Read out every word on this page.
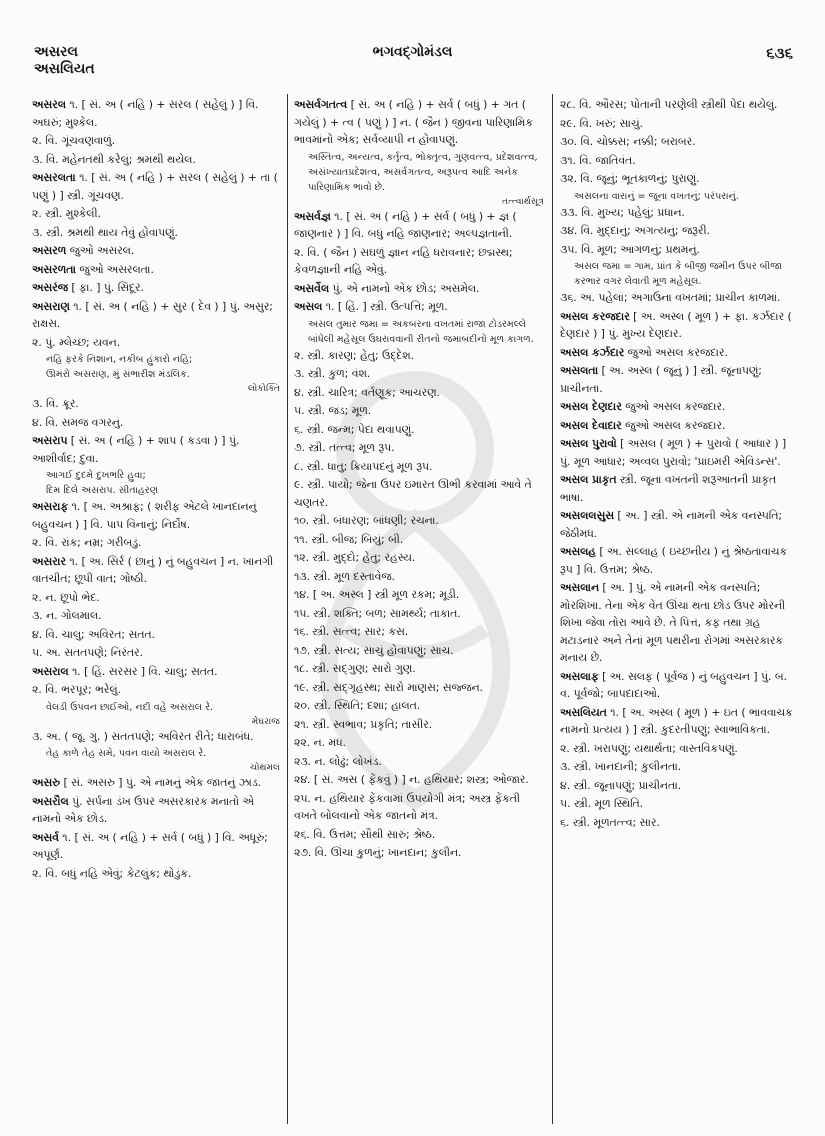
અસરલ
અસલિયત
ભગવદ્ગોમંડલ	૬૩૬
અસરલ ૧. [ સં. અ ( નહિ ) + સરલ ( સહેલું ) ] વિ. અઘરું; મુશ્કેલ.
૨. વિ. ગૂંચવણવાળું.
૩. વિ. મહેનતથી કરેલું; શ્રમથી થયેલ.
અસરલતા ૧. [ સં. અ ( નહિ ) + સરલ ( સહેલું ) + તા ( પણું ) ] સ્ત્રી. ગૂંચવણ.
૨. સ્ત્રી. મુશ્કેલી.
૩. સ્ત્રી. શ્રમથી થાય તેવું હોવાપણું.
અસરળ જુઓ અસરલ.
અસરળતા જુઓ અસરલતા.
અસરંજ [ ફા. ] પું. સિંદૂર.
અસરાણ ૧. [ સં. અ ( નહિ ) + સુર ( દેવ ) ] પું. અસુર; રાક્ષસ.
૨. પું. મ્લેચ્છ; યવન.
નહિ ફરકે નિશાન, નકીબ હુંકારો નહિ;
ઊમરો અસરાણ, મું સંભારીશ મંડલિક.
લોકોક્તિ
૩. વિ. ક્રૂર.
૪. વિ. સમજ વગરનું.
અસરાપ [ સં. અ ( નહિ ) + શાપ ( કડવા ) ] પું. આશીર્વાદ; દુવા.
આગઈ દુદમે દુખભરિ હુવા;
દિમ દિલે અસરાપ. સીતાહરણ
અસરાફ ૧. [ અ. અશ્રાફ; ( શરીફ એટલે ખાનદાનનું બહુવચન ) ] વિ. પાપ વિનાનું; નિર્દોષ.
૨. વિ. રાંક; નમ્ર; ગરીબડું.
અસરાર ૧. [ અ. સિર્ર ( છાનું ) નું બહુવચન ] ન. ખાનગી વાતચીત; છૂપી વાત; ગોષ્ઠી.
૨. ન. છૂપો ભેદ.
૩. ન. ગોલમાલ.
૪. વિ. ચાલુ; અવિરત; સતત.
૫. અ. સતતપણે; નિરંતર.
અસરાલ ૧. [ હિં. સરસર ] વિ. ચાલુ; સતત.
૨. વિ. ભરપૂર; ભરેલું.
વેલડી ઉપવન છાઈઓ, નદી વહે અસરાલ રે.
મેઘરાજ
૩. અ. ( જૂ. ગુ. ) સતતપણે; અવિરત રીતે; ધારાબંધ.
તેહ કાળે તેહ સમે, પવન વાયો અસરાલ રે.
ચોથમલ
અસરુ [ સં. અસરુ ] પું. એ નામનું એક જાતનું ઝાડ.
અસરૌલ પું. સર્પના ડંખ ઉપર અસરકારક મનાતો એ નામનો એક છોડ.
અસર્વ ૧. [ સં. અ ( નહિ ) + સર્વ ( બધું ) ] વિ. અધૂરું; અપૂર્ણ.
૨. વિ. બધું નહિ એવું; કેટલુંક; થોડુંક.
અસર્વગતત્વ [ સં. અ ( નહિ ) + સર્વ ( બધું ) + ગત ( ગયેલું ) + ત્વ ( પણું ) ] ન. ( જૈન ) જીવના પારિણામિક ભાવમાંનો એક; સર્વવ્યાપી ન હોવાપણું.
અસ્તિત્વ, અન્યત્વ, કર્તૃત્વ, ભોક્તૃત્વ, ગુણવત્ત્વ, પ્રદેશવત્ત્વ, અસંખ્યાતપ્રદેશત્વ, અસર્વગતત્વ, અરૂપત્વ આદિ અનેક પારિણામિક ભાવો છે.
તત્ત્વાર્થસૂત્ર
અસર્વજ્ઞ ૧. [ સં. અ ( નહિ ) + સર્વ ( બધું ) + જ્ઞ ( જાણનાર ) ] વિ. બધું નહિ જાણનાર; અલ્પજ્ઞતાની.
૨. વિ. ( જૈન ) સઘળું જ્ઞાન નહિ ધરાવનાર; છદ્મસ્થ; કેવળજ્ઞાની નહિ એવું.
અસર્વેલ પું. એ નામનો એક છોડ; અસમેલ.
અસલ ૧. [ હિં. ] સ્ત્રી. ઉત્પત્તિ; મૂળ.
અસલ તુમાર જમા = અકબરના વખતમાં રાજા ટોડરમલ્લે બાંધેલી મહેસૂલ ઉઘરાવવાની રીતનો જમાબંદીનો મૂળ કાગળ.
૨. સ્ત્રી. કારણ; હેતુ; ઉદ્દેશ.
૩. સ્ત્રી. કુળ; વંશ.
૪. સ્ત્રી. ચારિત્ર; વર્તણૂક; આચરણ.
૫. સ્ત્રી. જડ; મૂળ.
૬. સ્ત્રી. જન્મ; પેદા થવાપણું.
૭. સ્ત્રી. તત્ત્વ; મૂળ રૂપ.
૮. સ્ત્રી. ધાતુ; ક્રિયાપદનું મૂળ રૂપ.
૯. સ્ત્રી. પાયો; જેના ઉપર ઇમારત ઊભી કરવામાં આવે તે ચણતર.
૧૦. સ્ત્રી. બંધારણ; બાંધણી; રચના.
૧૧. સ્ત્રી. બીજ; બિયું; બી.
૧૨. સ્ત્રી. મુદ્દો; હેતુ; રહસ્ય.
૧૩. સ્ત્રી. મૂળ દસ્તાવેજ.
૧૪. [ અ. અસ્લ ] સ્ત્રી મૂળ રકમ; મૂડી.
૧૫. સ્ત્રી. શક્તિ; બળ; સામર્થ્ય; તાકાત.
૧૬. સ્ત્રી. સત્ત્વ; સાર; કસ.
૧૭. સ્ત્રી. સત્ય; સાચું હોવાપણું; સાચ.
૧૮. સ્ત્રી. સદ્ગુણ; સારો ગુણ.
૧૯. સ્ત્રી. સદ્ગૃહસ્થ; સારો માણસ; સજ્જન.
૨૦. સ્ત્રી. સ્થિતિ; દશા; હાલત.
૨૧. સ્ત્રી. સ્વભાવ; પ્રકૃતિ; તાસીર.
૨૨. ન. મધ.
૨૩. ન. લોઢું; લોખંડ.
૨૪. [ સં. અસ ( ફેંકવું ) ] ન. હથિયાર; શસ્ત્ર; ઓજાર.
૨૫. ન. હથિયાર ફેંકવામાં ઉપયોગી મંત્ર; અસ્ત્ર ફેંકતી વખતે બોલવાનો એક જાતનો મંત્ર.
૨૬. વિ. ઉત્તમ; સૌથી સારું; શ્રેષ્ઠ.
૨૭. વિ. ઊંચા કુળનું; ખાનદાન; કુલીન.
૨૮. વિ. ઔરસ; પોતાની પરણેલી સ્ત્રીથી પેદા થયેલું.
૨૯. વિ. ખરું; સાચું.
૩૦. વિ. ચોક્કસ; નક્કી; બરાબર.
૩૧. વિ. જાતિવંત.
૩૨. વિ. જૂનું; ભૂતકાળનું; પુરાણું.
અસલના વારાનું = જૂના વખતનું; પરંપરાનું.
૩૩. વિ. મુખ્ય; પહેલું; પ્રધાન.
૩૪. વિ. મુદ્દાનું; અગત્યનું; જરૂરી.
૩૫. વિ. મૂળ; આગળનું; પ્રથમનું.
અસલ જમા = ગામ, પ્રાંત કે બીજી જમીન ઉપર બીજા કરભાર વગર લેવાતી મૂળ મહેસૂલ.
૩૬. અ. પહેલાં; અગાઉના વખતમાં; પ્રાચીન કાળમાં.
અસલ કરજદાર [ અ. અસ્લ ( મૂળ ) + ફા. કર્ઝદાર ( દેણદાર ) ] પું. મુખ્ય દેણદાર.
અસલ કર્ઝદાર જુઓ અસલ કરજદાર.
અસલતા [ અ. અસ્લ ( જૂનું ) ] સ્ત્રી. જૂનાપણું; પ્રાચીનતા.
અસલ દેણદાર જુઓ અસલ કરજદાર.
અસલ દેવાદાર જુઓ અસલ કરજદાર.
અસલ પુરાવો [ અસલ ( મૂળ ) + પુરાવો ( આધાર ) ] પું. મૂળ આધાર; અવ્વલ પુરાવો; 'પ્રાઇમરી એવિડન્સ'.
અસલ પ્રાકૃત સ્ત્રી. જૂના વખતની શરૂઆતની પ્રાકૃત ભાષા.
અસલલસુસ [ અ. ] સ્ત્રી. એ નામની એક વનસ્પતિ; જેઠીમધ.
અસલહ [ અ. સલ્લાહ ( ઇચ્છનીય ) નું શ્રેષ્ઠતાવાચક રૂપ ] વિ. ઉત્તમ; શ્રેષ્ઠ.
અસલાન [ અ. ] પું. એ નામની એક વનસ્પતિ; મોરશિખા. તેના એક વેંત ઊંચા થતા છોડ ઉપર મોરની શિખા જેવા તોરા આવે છે. તે પિત્ત, કફ તથા ગ્રહ મટાડનાર અને તેનાં મૂળ પથરીના રોગમાં અસરકારક મનાય છે.
અસલાફ [ અ. સલફ ( પૂર્વજ ) નું બહુવચન ] પું. બ. વ. પૂર્વજો; બાપદાદાઓ.
અસલિયત ૧. [ અ. અસ્લ ( મૂળ ) + ઇત ( ભાવવાચક નામનો પ્રત્યય ) ] સ્ત્રી. કુદરતીપણું; સ્વાભાવિકતા.
૨. સ્ત્રી. ખરાપણું; યથાર્થતા; વાસ્તવિકપણું.
૩. સ્ત્રી. ખાનદાની; કુલીનતા.
૪. સ્ત્રી. જૂનાપણું; પ્રાચીનતા.
૫. સ્ત્રી. મૂળ સ્થિતિ.
૬. સ્ત્રી. મૂળતત્ત્વ; સાર.
